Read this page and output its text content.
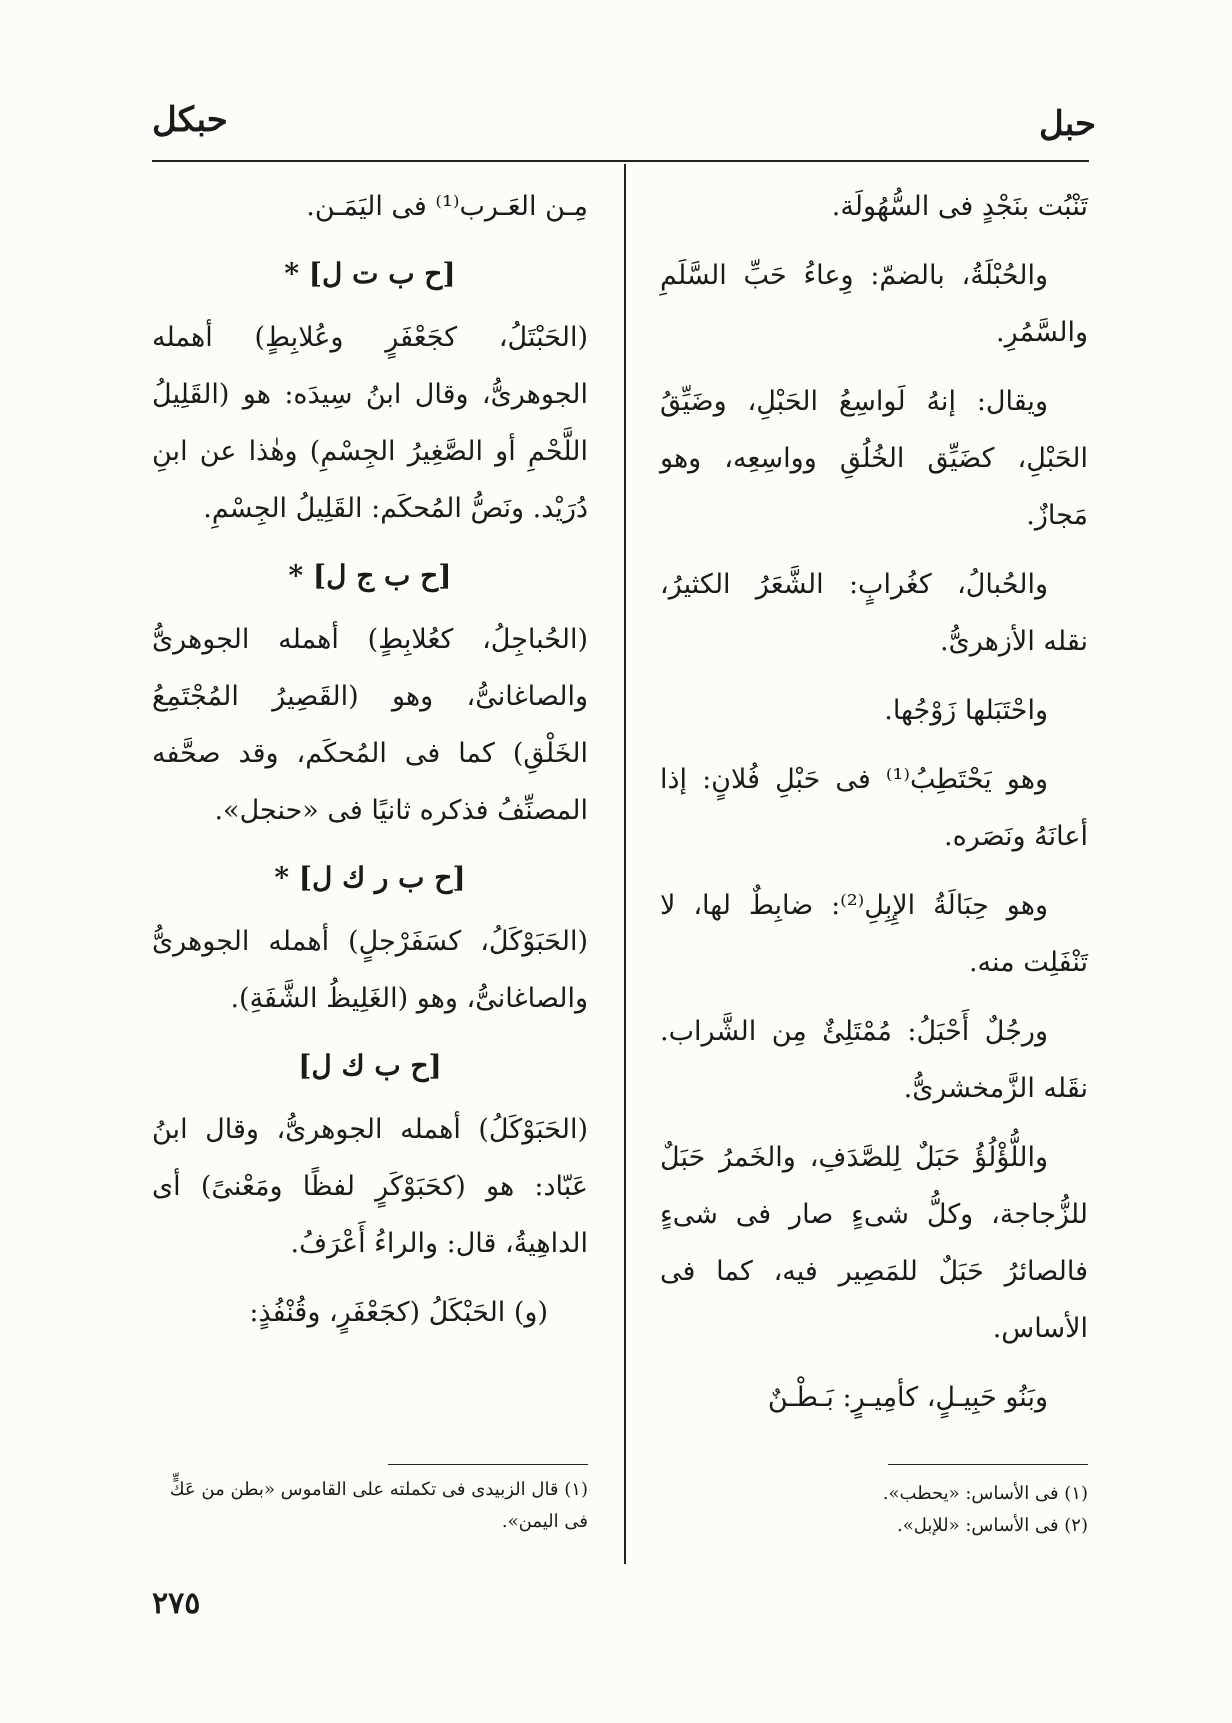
حبكل	حبل

تَنْبُت بنَجْدٍ فى السُّهُولَة.

والحُبْلَةُ، بالضمّ: وِعاءُ حَبِّ السَّلَمِ والسَّمُرِ.

ويقال: إنهُ لَواسِعُ الحَبْلِ، وضَيِّقُ الحَبْلِ، كضَيِّق الخُلُقِ وواسِعِه، وهو مَجازٌ.

والحُبالُ، كغُرابٍ: الشَّعَرُ الكثيرُ، نقله الأزهرىُّ.

واحْتَبَلها زَوْجُها.

وهو يَحْتَطِبُ⁽¹⁾ فى حَبْلِ فُلانٍ: إذا أعانَهُ ونَصَره.

وهو حِبَالَةُ الإِبِلِ⁽²⁾: ضابِطٌ لها، لا تَنْفَلِت منه.

ورجُلٌ أَحْبَلُ: مُمْتَلِئٌ مِن الشَّراب. نقَله الزَّمخشرىُّ.

واللُّؤْلُؤُ حَبَلٌ لِلصَّدَفِ، والخَمرُ حَبَلٌ للزُّجاجة، وكلُّ شىءٍ صار فى شىءٍ فالصائرُ حَبَلٌ للمَصِير فيه، كما فى الأساس.

وبَنُو حَبِيـلٍ، كأمِيـرٍ: بَـطْـنٌ

مِـن العَـرب⁽¹⁾ فى اليَمَـن.

[ح ب ت ل] *

(الحَبْتَلُ، كجَعْفَرٍ وعُلابِطٍ) أهمله الجوهرىُّ، وقال ابنُ سِيدَه: هو (القَلِيلُ اللَّحْمِ أو الصَّغِيرُ الجِسْمِ) وهٰذا عن ابنِ دُرَيْد. ونَصُّ المُحكَم: القَلِيلُ الجِسْمِ.

[ح ب ج ل] *

(الحُباجِلُ، كعُلابِطٍ) أهمله الجوهرىُّ والصاغانىُّ، وهو (القَصِيرُ المُجْتَمِعُ الخَلْقِ) كما فى المُحكَم، وقد صحَّفه المصنِّفُ فذكره ثانيًا فى «حنجل».

[ح ب ر ك ل] *

(الحَبَوْكَلُ، كسَفَرْجلٍ) أهمله الجوهرىُّ والصاغانىُّ، وهو (الغَلِيظُ الشَّفَةِ).

[ح ب ك ل]

(الحَبَوْكَلُ) أهمله الجوهرىُّ، وقال ابنُ عَبّاد: هو (كحَبَوْكَرٍ لفظًا ومَعْنىً) أى الداهِيةُ، قال: والراءُ أَعْرَفُ.

(و) الحَبْكَلُ (كجَعْفَرٍ، وقُنْفُذٍ:

(١) فى الأساس: «يحطب».

(٢) فى الأساس: «للإبل».

(١) قال الزبيدى فى تكملته على القاموس «بطن من عَكٍّ فى اليمن».

٢٧٥
